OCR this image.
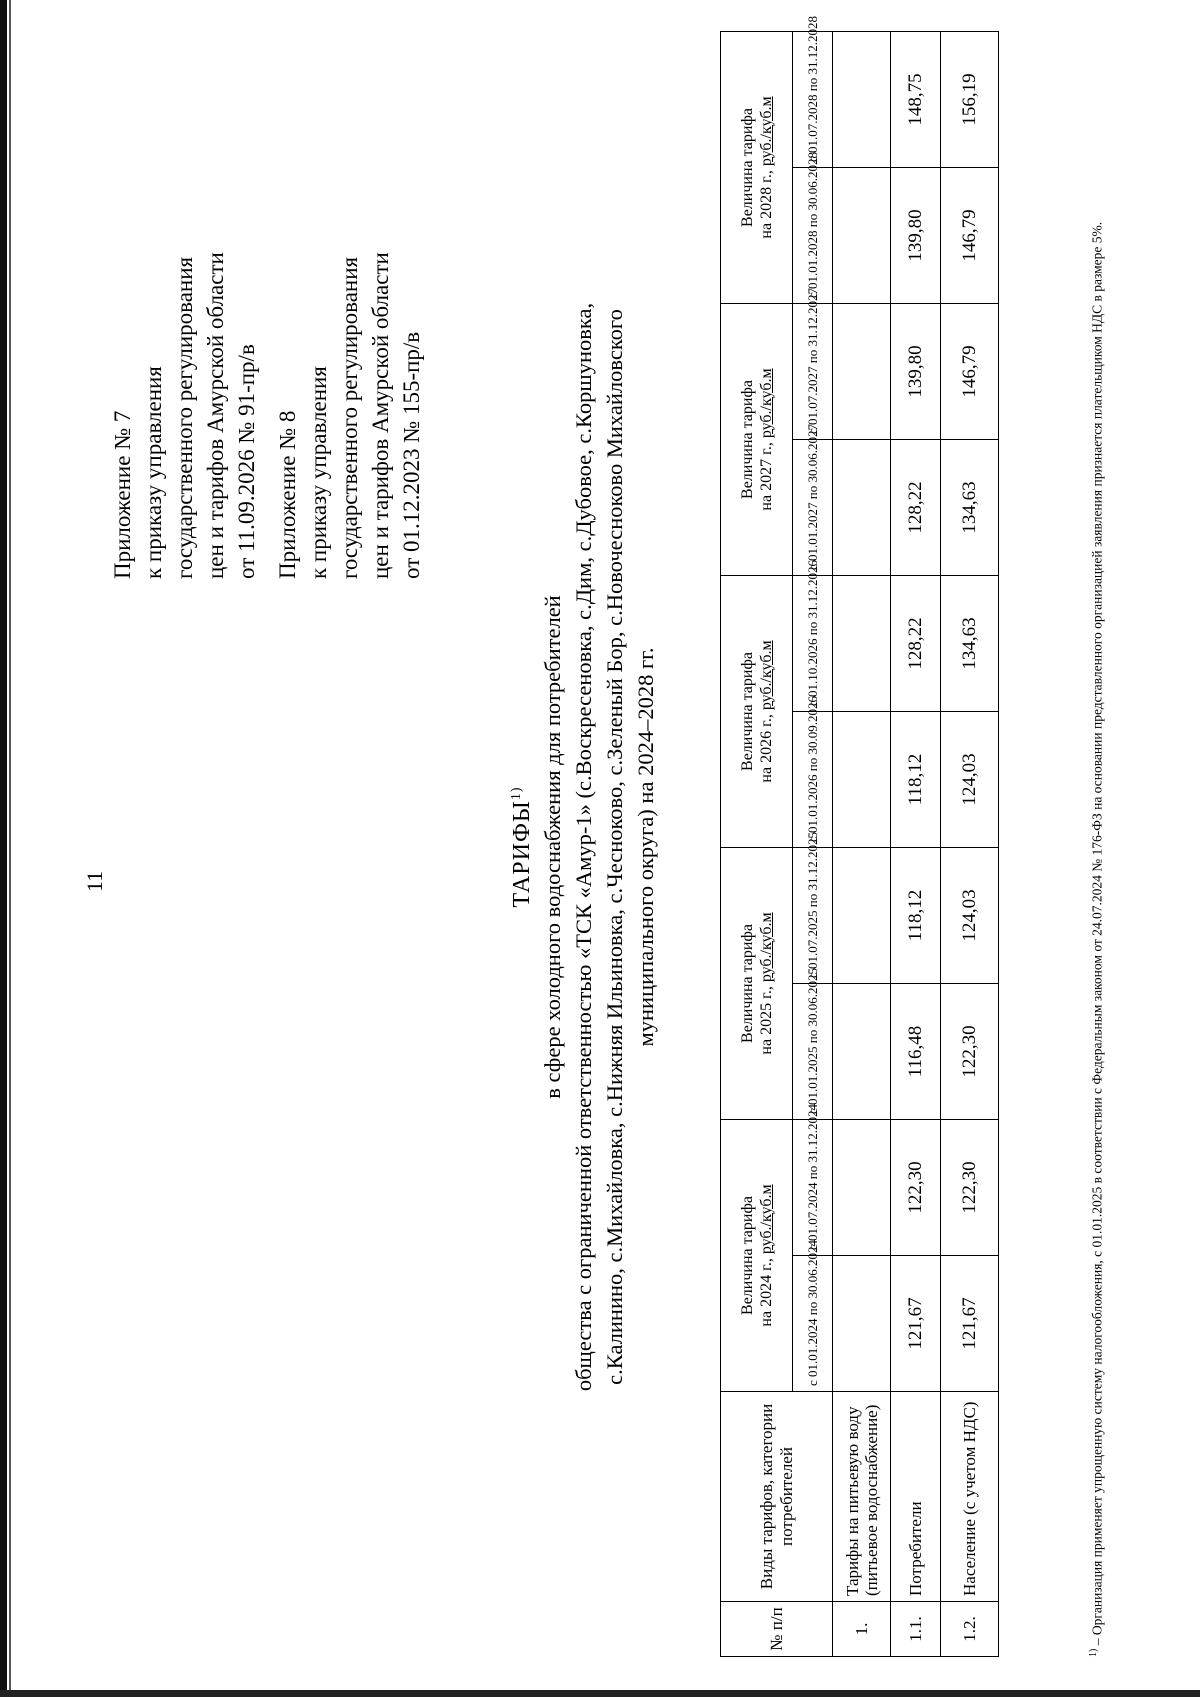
11
Приложение № 7 к приказу управления государственного регулирования цен и тарифов Амурской области от 11.09.2026 № 91-пр/в Приложение № 8 к приказу управления государственного регулирования цен и тарифов Амурской области от 01.12.2023 № 155-пр/в
ТАРИФЫ$^{1)}$ в сфере холодного водоснабжения для потребителей общества с ограниченной ответственностью «ТСК «Амур-1» (с.Воскресеновка, с.Дим, с.Дубовое, с.Коршуновка, с.Калинино, с.Михайловка, с.Нижняя Ильиновка, с.Чесноково, с.Зеленый Бор, с.Новочесноково Михайловского муниципального округа) на 2024–2028 гг.
№ п/п	Виды тарифов, категории потребителей	Величина тарифа на 2024 г., руб./куб.м		Величина тарифа на 2025 г., руб./куб.м		Величина тарифа на 2026 г., руб./куб.м		Величина тарифа на 2027 г., руб./куб.м		Величина тарифа на 2028 г., руб./куб.м	
		с 01.01.2024 по 30.06.2024	с 01.07.2024 по 31.12.2024	с 01.01.2025 по 30.06.2025	с 01.07.2025 по 31.12.2025	с 01.01.2026 по 30.09.2026	с 01.10.2026 по 31.12.2026	с 01.01.2027 по 30.06.2027	с 01.07.2027 по 31.12.2027	с 01.01.2028 по 30.06.2028	с 01.07.2028 по 31.12.2028
1.	Тарифы на питьевую воду (питьевое водоснабжение)										
1.1.	Потребители	121,67	122,30	116,48	118,12	118,12	128,22	128,22	139,80	139,80	148,75
1.2.	Население (с учетом НДС)	121,67	122,30	122,30	124,03	124,03	134,63	134,63	146,79	146,79	156,19
$^{1)}$ – Организация применяет упрощенную систему налогообложения, с 01.01.2025 в соответствии с Федеральным законом от 24.07.2024 № 176-ФЗ на основании представленного организацией заявления признается плательщиком НДС в размере 5%.
